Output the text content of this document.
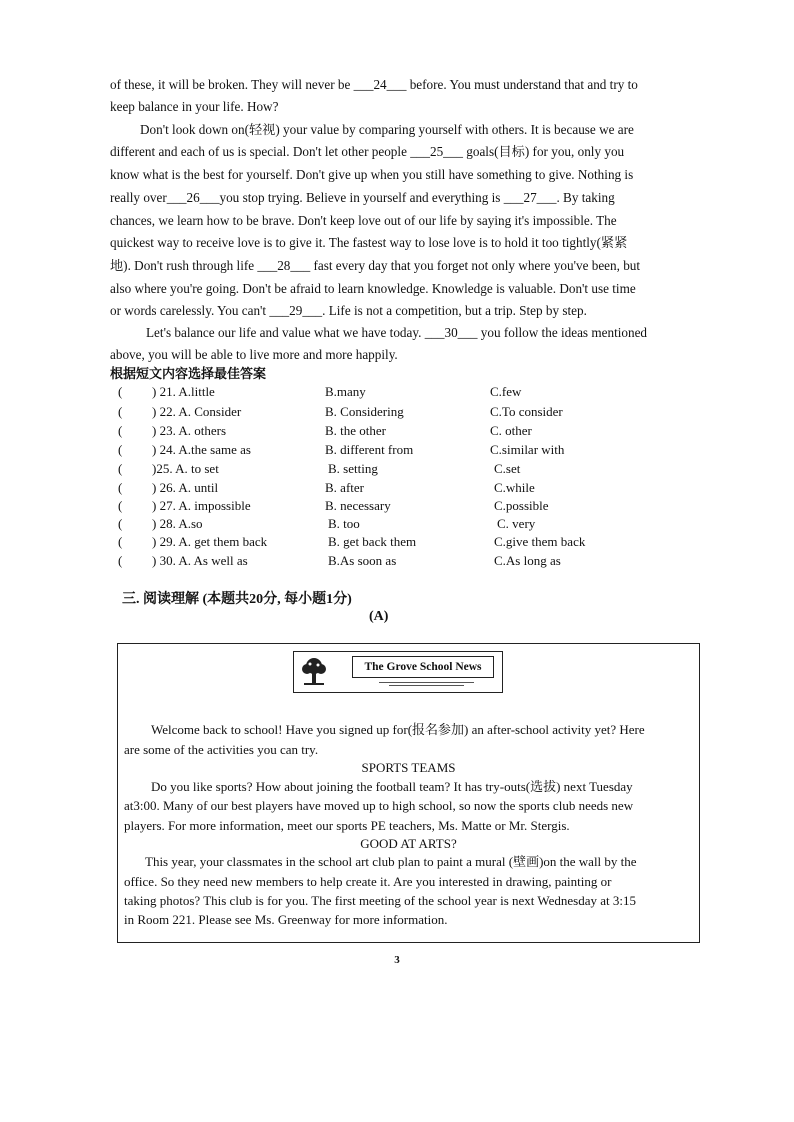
of these, it will be broken. They will never be ___24___ before. You must understand that and try to
keep balance in your life. How?
Don't look down on(轻视) your value by comparing yourself with others. It is because we are
different and each of us is special. Don't let other people ___25___ goals(目标) for you, only you
know what is the best for yourself. Don't give up when you still have something to give. Nothing is
really over___26___you stop trying. Believe in yourself and everything is ___27___. By taking
chances, we learn how to be brave. Don't keep love out of our life by saying it's impossible. The
quickest way to receive love is to give it. The fastest way to lose love is to hold it too tightly(紧紧
地). Don't rush through life ___28___ fast every day that you forget not only where you've been, but
also where you're going. Don't be afraid to learn knowledge. Knowledge is valuable. Don't use time
or words carelessly. You can't ___29___. Life is not a competition, but a trip. Step by step.
Let's balance our life and value what we have today. ___30___ you follow the ideas mentioned
above, you will be able to live more and more happily.
根据短文内容选择最佳答案
( ) 21. A.little	B.many	C.few
( ) 22. A. Consider	B. Considering	C.To consider
( ) 23. A. others	B. the other	C. other
( ) 24. A.the same as	B. different from	C.similar with
( )25. A. to set	B. setting	C.set
( ) 26. A. until	B. after	C.while
( ) 27. A. impossible	B. necessary	C.possible
( ) 28. A.so	B. too	C. very
( ) 29. A. get them back	B. get back them	C.give them back
( ) 30. A. As well as	B.As soon as	C.As long as
三. 阅读理解 (本题共20分, 每小题1分)
(A)
The Grove School News
Welcome back to school! Have you signed up for(报名参加) an after-school activity yet? Here
are some of the activities you can try.
SPORTS TEAMS
Do you like sports? How about joining the football team? It has try-outs(选拔) next Tuesday
at3:00. Many of our best players have moved up to high school, so now the sports club needs new
players. For more information, meet our sports PE teachers, Ms. Matte or Mr. Stergis.
GOOD AT ARTS?
This year, your classmates in the school art club plan to paint a mural (壁画)on the wall by the
office. So they need new members to help create it. Are you interested in drawing, painting or
taking photos? This club is for you. The first meeting of the school year is next Wednesday at 3:15
in Room 221. Please see Ms. Greenway for more information.
3
